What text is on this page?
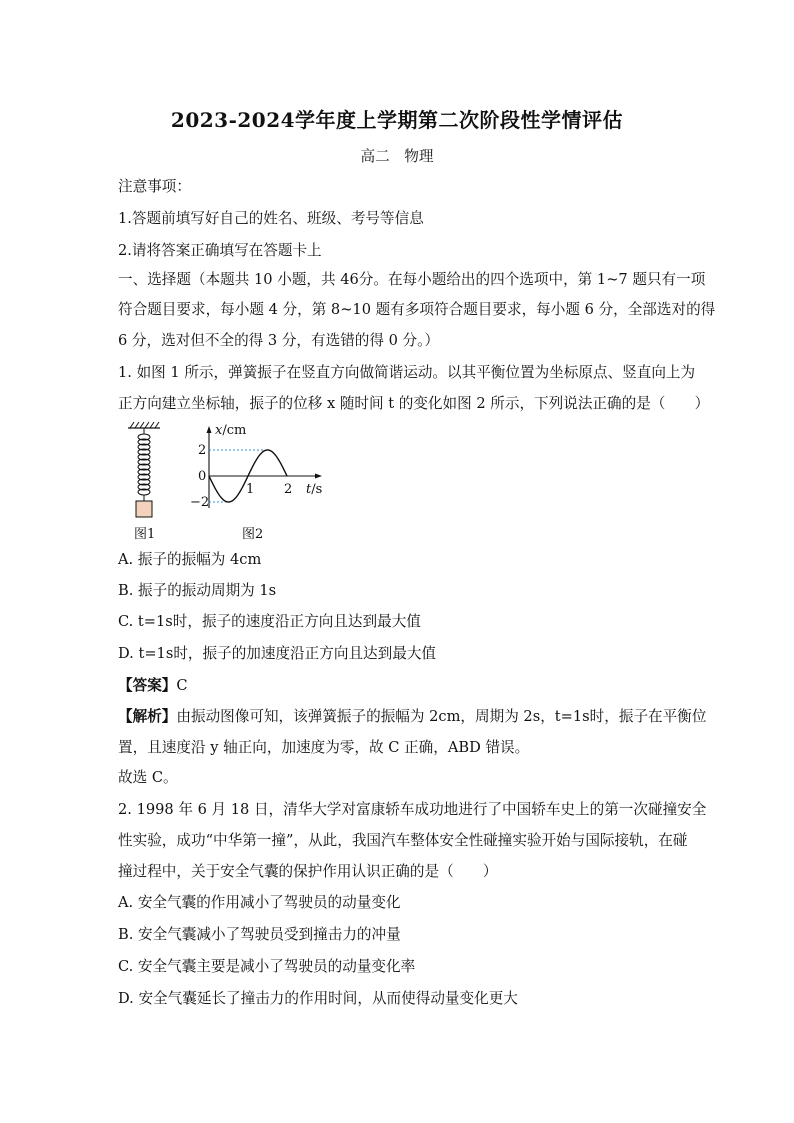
2023-2024学年度上学期第二次阶段性学情评估
高二　物理
注意事项：
1.答题前填写好自己的姓名、班级、考号等信息
2.请将答案正确填写在答题卡上
一、选择题（本题共 10 小题，共 46分。在每小题给出的四个选项中，第 1~7 题只有一项
符合题目要求，每小题 4 分，第 8~10 题有多项符合题目要求，每小题 6 分，全部选对的得
6 分，选对但不全的得 3 分，有选错的得 0 分。）
1. 如图 1 所示，弹簧振子在竖直方向做简谐运动。以其平衡位置为坐标原点、竖直向上为
正方向建立坐标轴，振子的位移 x 随时间 t 的变化如图 2 所示，下列说法正确的是（　　）
图1
x/cm
2
0
−2
1 2 t/s
图2
A. 振子的振幅为 4cm
B. 振子的振动周期为 1s
C. t=1s时，振子的速度沿正方向且达到最大值
D. t=1s时，振子的加速度沿正方向且达到最大值
【答案】C
【解析】由振动图像可知，该弹簧振子的振幅为 2cm，周期为 2s，t=1s时，振子在平衡位
置，且速度沿 y 轴正向，加速度为零，故 C 正确，ABD 错误。
故选 C。
2. 1998 年 6 月 18 日，清华大学对富康轿车成功地进行了中国轿车史上的第一次碰撞安全
性实验，成功“中华第一撞”，从此，我国汽车整体安全性碰撞实验开始与国际接轨，在碰
撞过程中，关于安全气囊的保护作用认识正确的是（　　）
A. 安全气囊的作用减小了驾驶员的动量变化
B. 安全气囊减小了驾驶员受到撞击力的冲量
C. 安全气囊主要是减小了驾驶员的动量变化率
D. 安全气囊延长了撞击力的作用时间，从而使得动量变化更大
